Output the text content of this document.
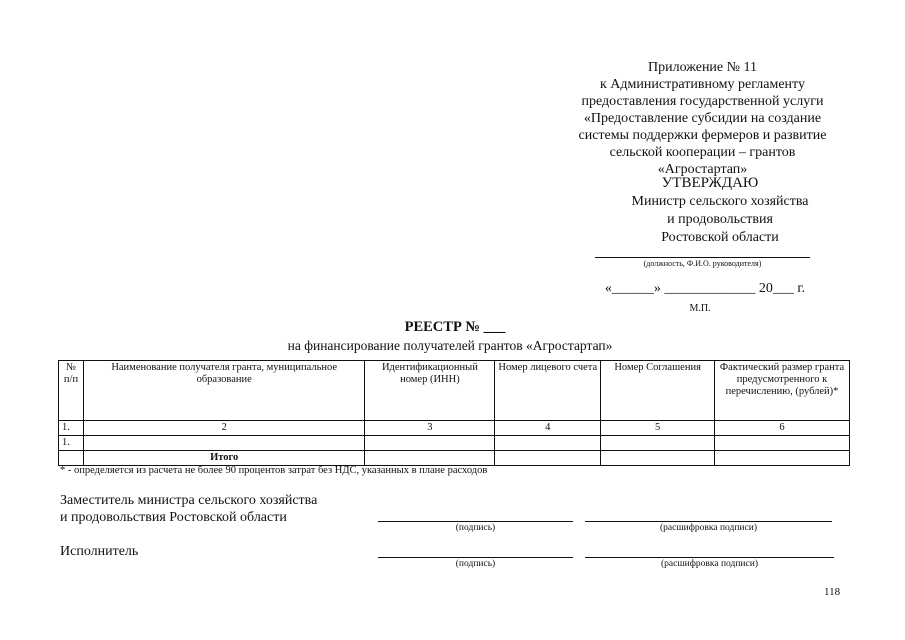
Приложение № 11
к Административному регламенту
предоставления государственной услуги
«Предоставление субсидии на создание
системы поддержки фермеров и развитие
сельской кооперации – грантов
«Агростартап»
УТВЕРЖДАЮ
Министр сельского хозяйства
и продовольствия
Ростовской области
(должность, Ф.И.О. руководителя)
«______» _____________ 20___ г.
М.П.
РЕЕСТР № ___
на финансирование получателей грантов «Агростартап»
№ п/п	Наименование получателя гранта, муниципальное образование	Идентификационный номер (ИНН)	Номер лицевого счета	Номер Соглашения	Фактический размер гранта предусмотренного к перечислению, (рублей)*
1.	2	3	4	5	6
1.					
	Итого				
* - определяется из расчета не более 90 процентов затрат без НДС, указанных в плане расходов
Заместитель министра сельского хозяйства
и продовольствия Ростовской области
(подпись)	(расшифровка подписи)
Исполнитель
(подпись)	(расшифровка подписи)
118
